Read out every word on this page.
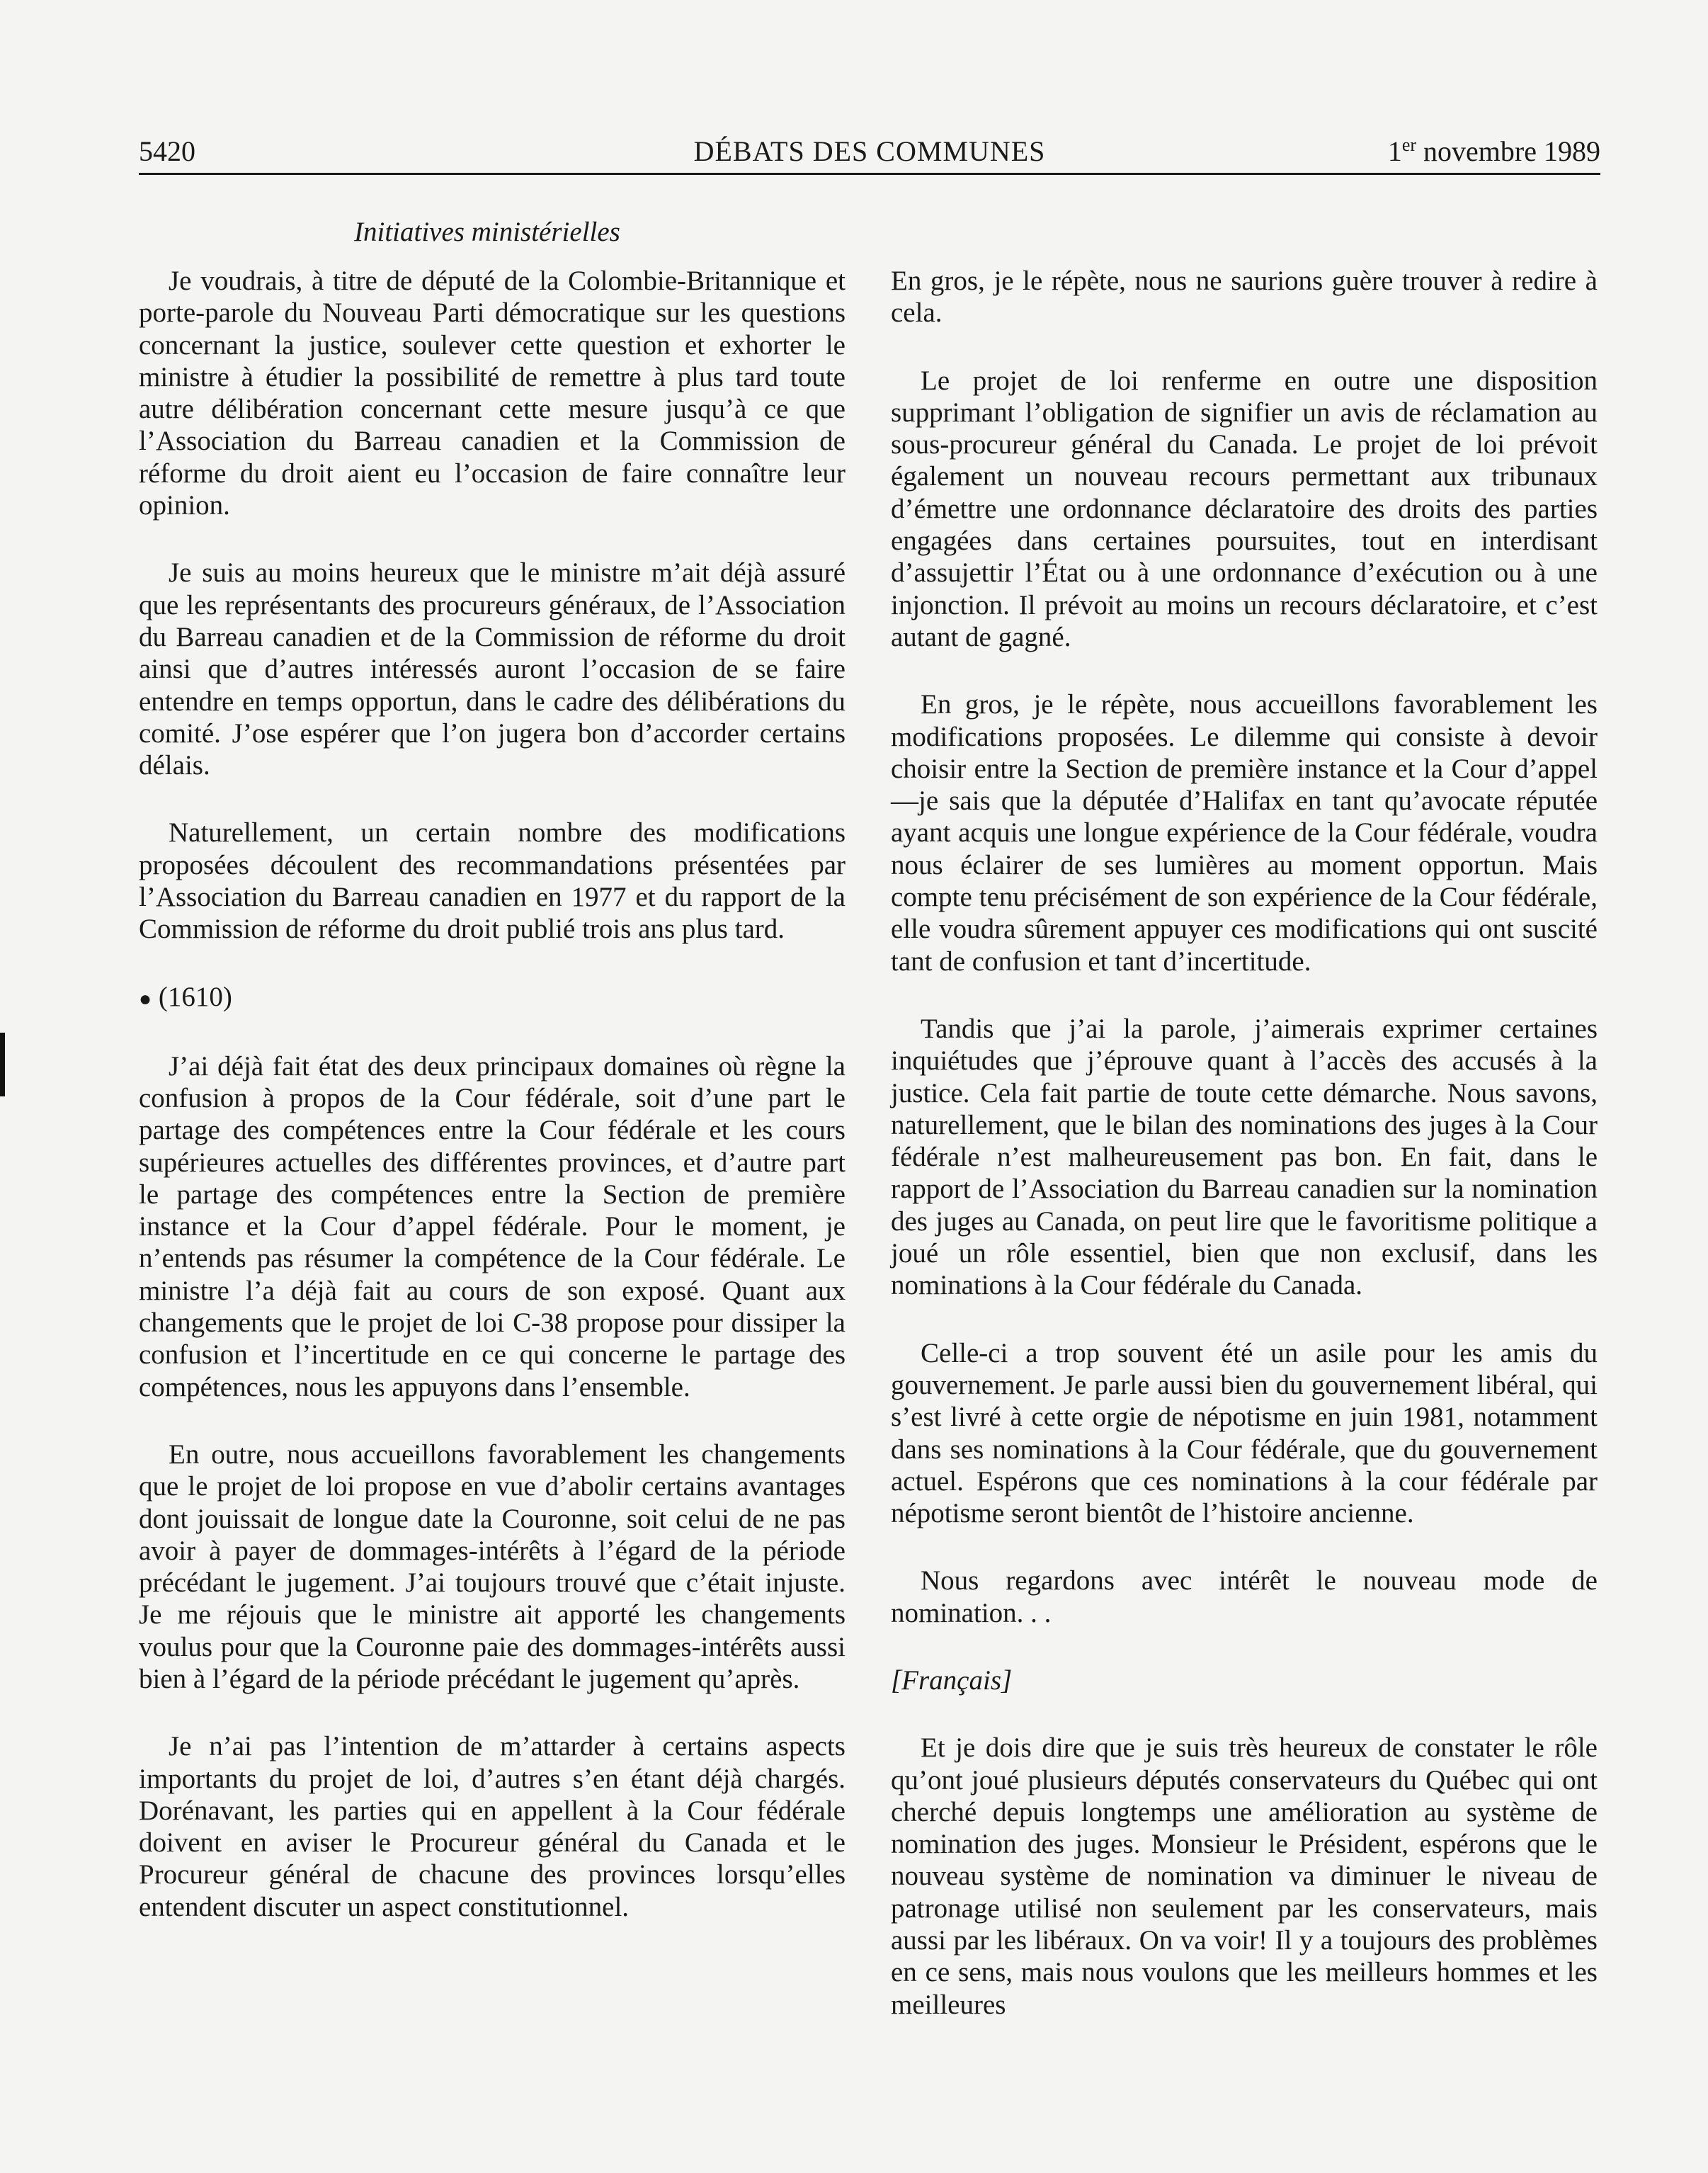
5420	DÉBATS DES COMMUNES	1er novembre 1989
Initiatives ministérielles

Je voudrais, à titre de député de la Colombie-Britannique et porte-parole du Nouveau Parti démocratique sur les questions concernant la justice, soulever cette question et exhorter le ministre à étudier la possibilité de remettre à plus tard toute autre délibération concernant cette mesure jusqu’à ce que l’Association du Barreau canadien et la Commission de réforme du droit aient eu l’occasion de faire connaître leur opinion.

Je suis au moins heureux que le ministre m’ait déjà assuré que les représentants des procureurs généraux, de l’Association du Barreau canadien et de la Commission de réforme du droit ainsi que d’autres intéressés auront l’occasion de se faire entendre en temps opportun, dans le cadre des délibérations du comité. J’ose espérer que l’on jugera bon d’accorder certains délais.

Naturellement, un certain nombre des modifications proposées découlent des recommandations présentées par l’Association du Barreau canadien en 1977 et du rapport de la Commission de réforme du droit publié trois ans plus tard.

● (1610)

J’ai déjà fait état des deux principaux domaines où règne la confusion à propos de la Cour fédérale, soit d’une part le partage des compétences entre la Cour fédérale et les cours supérieures actuelles des différentes provinces, et d’autre part le partage des compétences entre la Section de première instance et la Cour d’appel fédérale. Pour le moment, je n’entends pas résumer la compétence de la Cour fédérale. Le ministre l’a déjà fait au cours de son exposé. Quant aux changements que le projet de loi C-38 propose pour dissiper la confusion et l’incertitude en ce qui concerne le partage des compétences, nous les appuyons dans l’ensemble.

En outre, nous accueillons favorablement les changements que le projet de loi propose en vue d’abolir certains avantages dont jouissait de longue date la Couronne, soit celui de ne pas avoir à payer de dommages-intérêts à l’égard de la période précédant le jugement. J’ai toujours trouvé que c’était injuste. Je me réjouis que le ministre ait apporté les changements voulus pour que la Couronne paie des dommages-intérêts aussi bien à l’égard de la période précédant le jugement qu’après.

Je n’ai pas l’intention de m’attarder à certains aspects importants du projet de loi, d’autres s’en étant déjà chargés. Dorénavant, les parties qui en appellent à la Cour fédérale doivent en aviser le Procureur général du Canada et le Procureur général de chacune des provinces lorsqu’elles entendent discuter un aspect constitutionnel.

En gros, je le répète, nous ne saurions guère trouver à redire à cela.

Le projet de loi renferme en outre une disposition supprimant l’obligation de signifier un avis de réclamation au sous-procureur général du Canada. Le projet de loi prévoit également un nouveau recours permettant aux tribunaux d’émettre une ordonnance déclaratoire des droits des parties engagées dans certaines poursuites, tout en interdisant d’assujettir l’État ou à une ordonnance d’exécution ou à une injonction. Il prévoit au moins un recours déclaratoire, et c’est autant de gagné.

En gros, je le répète, nous accueillons favorablement les modifications proposées. Le dilemme qui consiste à devoir choisir entre la Section de première instance et la Cour d’appel—je sais que la députée d’Halifax en tant qu’avocate réputée ayant acquis une longue expérience de la Cour fédérale, voudra nous éclairer de ses lumières au moment opportun. Mais compte tenu précisément de son expérience de la Cour fédérale, elle voudra sûrement appuyer ces modifications qui ont suscité tant de confusion et tant d’incertitude.

Tandis que j’ai la parole, j’aimerais exprimer certaines inquiétudes que j’éprouve quant à l’accès des accusés à la justice. Cela fait partie de toute cette démarche. Nous savons, naturellement, que le bilan des nominations des juges à la Cour fédérale n’est malheureusement pas bon. En fait, dans le rapport de l’Association du Barreau canadien sur la nomination des juges au Canada, on peut lire que le favoritisme politique a joué un rôle essentiel, bien que non exclusif, dans les nominations à la Cour fédérale du Canada.

Celle-ci a trop souvent été un asile pour les amis du gouvernement. Je parle aussi bien du gouvernement libéral, qui s’est livré à cette orgie de népotisme en juin 1981, notamment dans ses nominations à la Cour fédérale, que du gouvernement actuel. Espérons que ces nominations à la cour fédérale par népotisme seront bientôt de l’histoire ancienne.

Nous regardons avec intérêt le nouveau mode de nomination. . .

[Français]

Et je dois dire que je suis très heureux de constater le rôle qu’ont joué plusieurs députés conservateurs du Québec qui ont cherché depuis longtemps une amélioration au système de nomination des juges. Monsieur le Président, espérons que le nouveau système de nomination va diminuer le niveau de patronage utilisé non seulement par les conservateurs, mais aussi par les libéraux. On va voir! Il y a toujours des problèmes en ce sens, mais nous voulons que les meilleurs hommes et les meilleures
